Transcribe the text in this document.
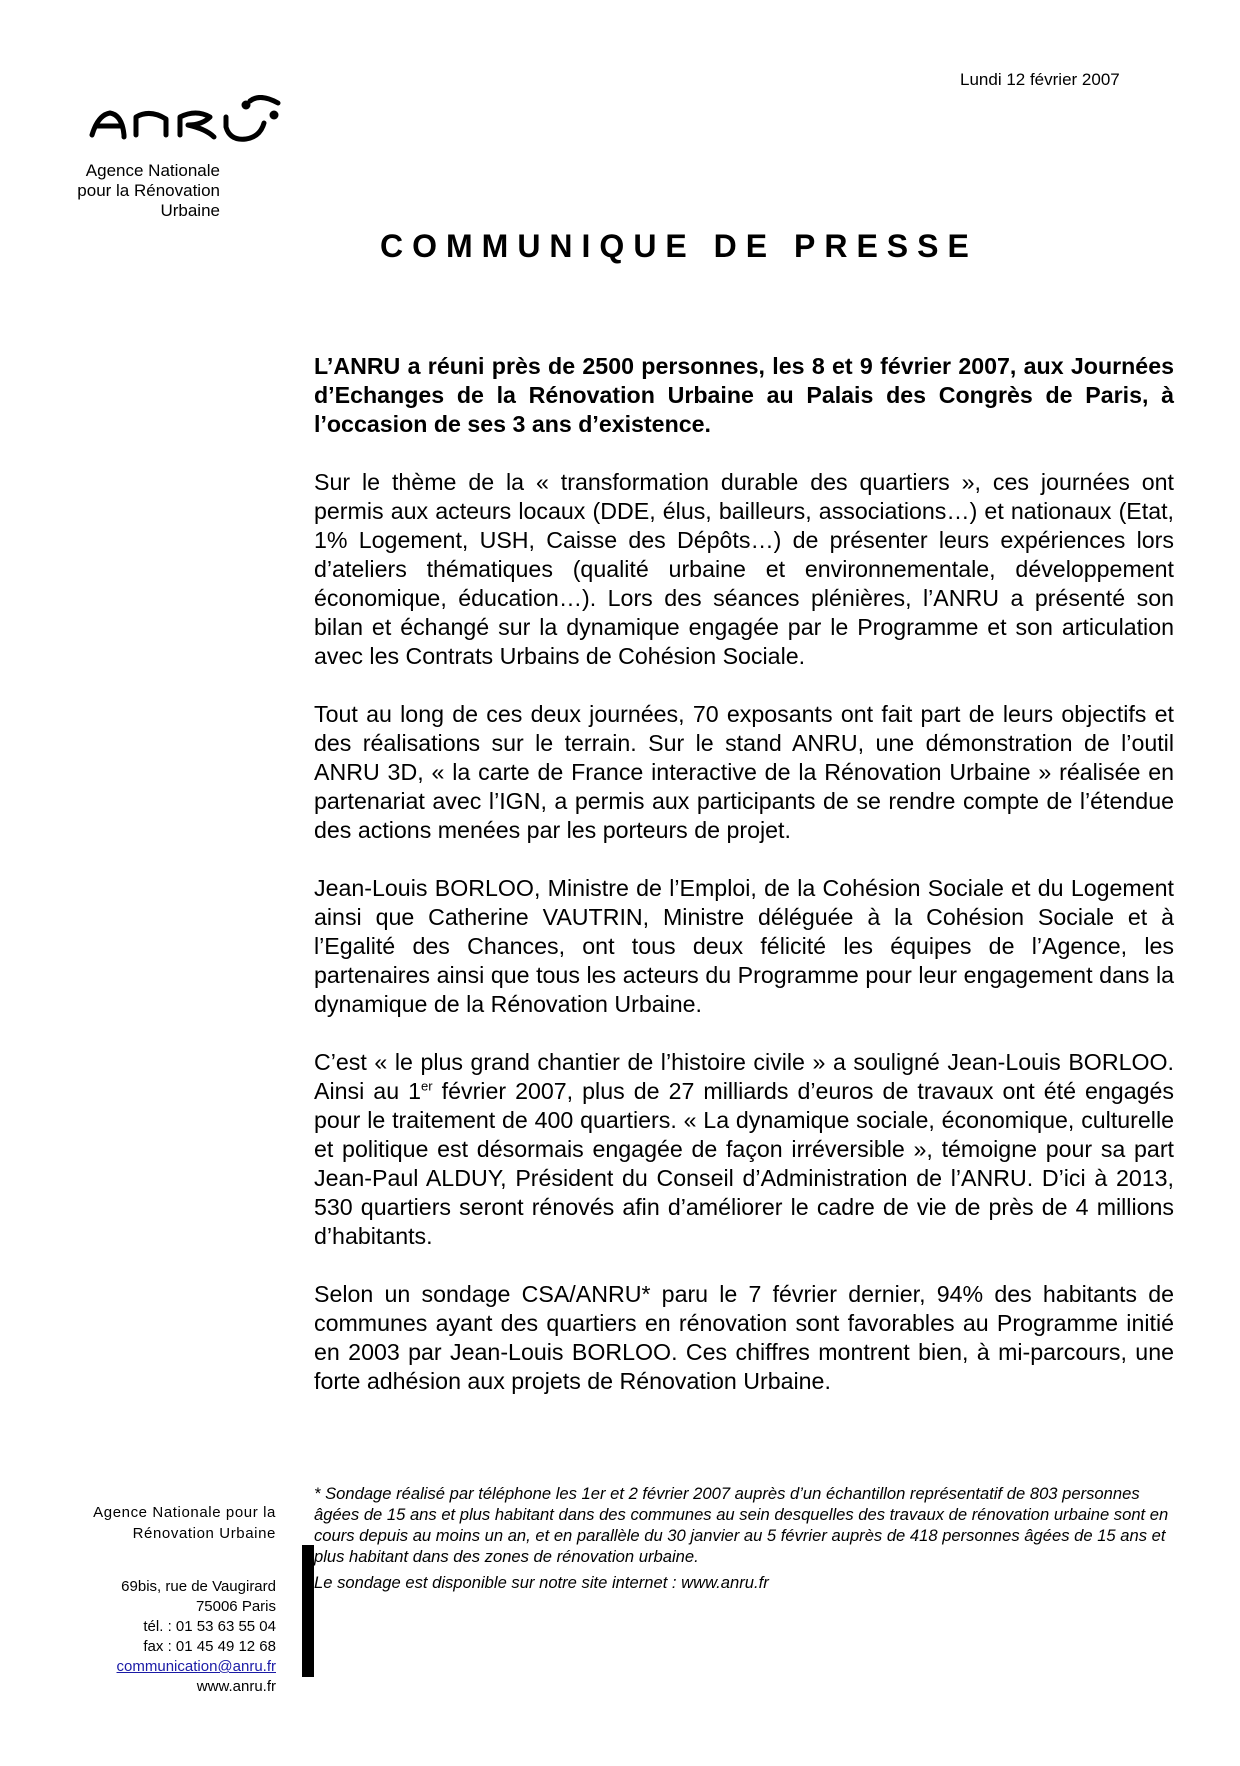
Lundi 12 février 2007
Agence Nationale
pour la Rénovation
Urbaine
COMMUNIQUE DE PRESSE

L’ANRU a réuni près de 2500 personnes, les 8 et 9 février 2007, aux Journées d’Echanges de la Rénovation Urbaine au Palais des Congrès de Paris, à l’occasion de ses 3 ans d’existence.

Sur le thème de la « transformation durable des quartiers », ces journées ont permis aux acteurs locaux (DDE, élus, bailleurs, associations…) et nationaux (Etat, 1% Logement, USH, Caisse des Dépôts…) de présenter leurs expériences lors d’ateliers thématiques (qualité urbaine et environnementale, développement économique, éducation…). Lors des séances plénières, l’ANRU a présenté son bilan et échangé sur la dynamique engagée par le Programme et son articulation avec les Contrats Urbains de Cohésion Sociale.

Tout au long de ces deux journées, 70 exposants ont fait part de leurs objectifs et des réalisations sur le terrain. Sur le stand ANRU, une démonstration de l’outil ANRU 3D, « la carte de France interactive de la Rénovation Urbaine » réalisée en partenariat avec l’IGN, a permis aux participants de se rendre compte de l’étendue des actions menées par les porteurs de projet.

Jean-Louis BORLOO, Ministre de l’Emploi, de la Cohésion Sociale et du Logement ainsi que Catherine VAUTRIN, Ministre déléguée à la Cohésion Sociale et à l’Egalité des Chances, ont tous deux félicité les équipes de l’Agence, les partenaires ainsi que tous les acteurs du Programme pour leur engagement dans la dynamique de la Rénovation Urbaine.

C’est « le plus grand chantier de l’histoire civile » a souligné Jean-Louis BORLOO. Ainsi au 1er février 2007, plus de 27 milliards d’euros de travaux ont été engagés pour le traitement de 400 quartiers. « La dynamique sociale, économique, culturelle et politique est désormais engagée de façon irréversible », témoigne pour sa part Jean-Paul ALDUY, Président du Conseil d’Administration de l’ANRU. D’ici à 2013, 530 quartiers seront rénovés afin d’améliorer le cadre de vie de près de 4 millions d’habitants.

Selon un sondage CSA/ANRU* paru le 7 février dernier, 94% des habitants de communes ayant des quartiers en rénovation sont favorables au Programme initié en 2003 par Jean-Louis BORLOO. Ces chiffres montrent bien, à mi-parcours, une forte adhésion aux projets de Rénovation Urbaine.

* Sondage réalisé par téléphone les 1er et 2 février 2007 auprès d’un échantillon représentatif de 803 personnes âgées de 15 ans et plus habitant dans des communes au sein desquelles des travaux de rénovation urbaine sont en cours depuis au moins un an, et en parallèle du 30 janvier au 5 février auprès de 418 personnes âgées de 15 ans et plus habitant dans des zones de rénovation urbaine.

Le sondage est disponible sur notre site internet : www.anru.fr

Agence Nationale pour la
Rénovation Urbaine
69bis, rue de Vaugirard
75006 Paris
tél. : 01 53 63 55 04
fax : 01 45 49 12 68
communication@anru.fr
www.anru.fr
